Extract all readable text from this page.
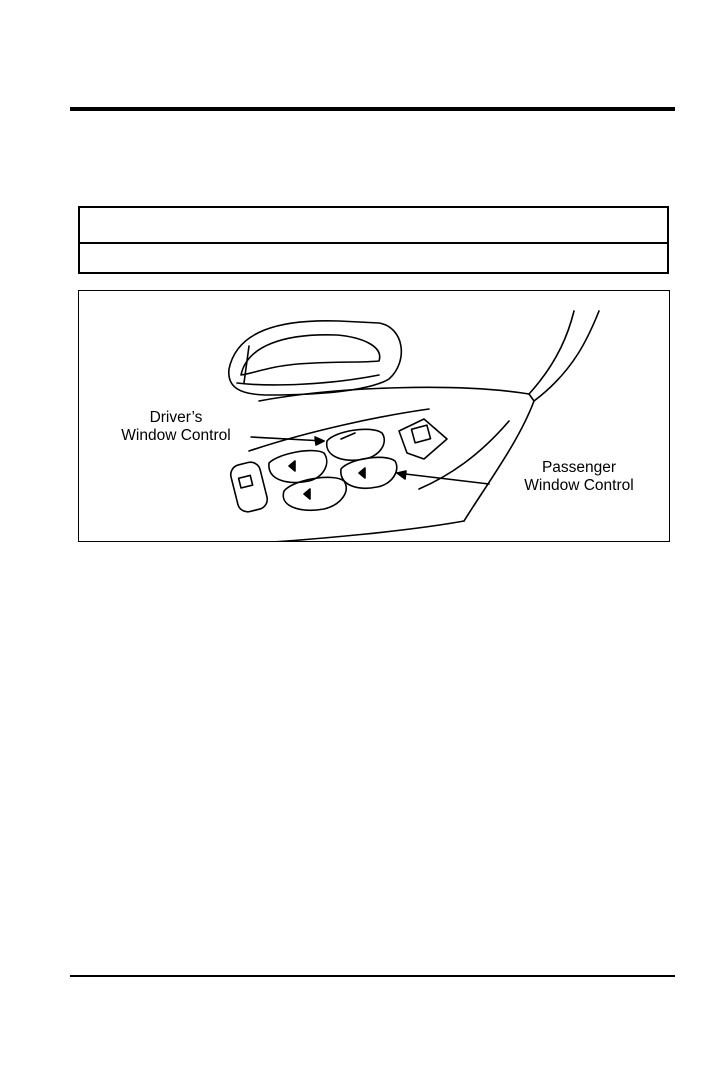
Driver’s
Window Control
Passenger
Window Control
